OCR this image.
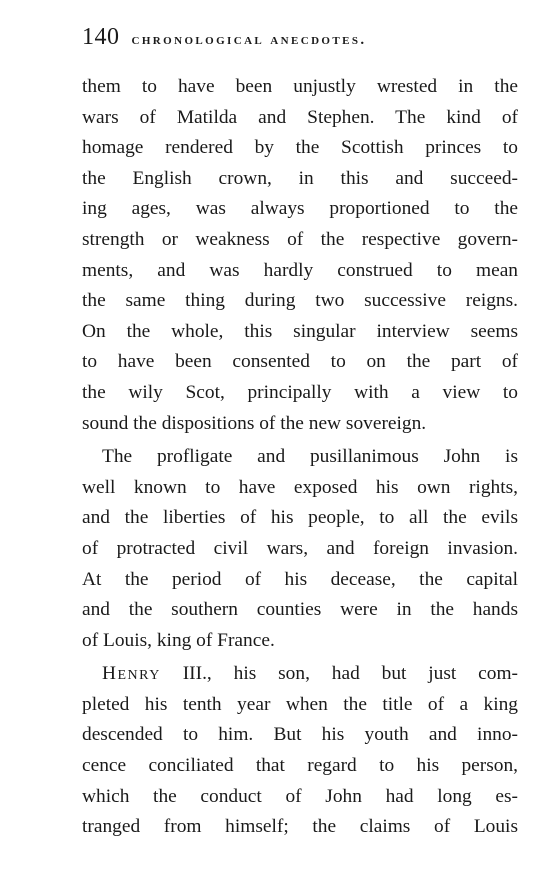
140 chronological anecdotes.
them to have been unjustly wrested in the
wars of Matilda and Stephen. The kind of
homage rendered by the Scottish princes to
the English crown, in this and succeed-
ing ages, was always proportioned to the
strength or weakness of the respective govern-
ments, and was hardly construed to mean
the same thing during two successive reigns.
On the whole, this singular interview seems
to have been consented to on the part of
the wily Scot, principally with a view to
sound the dispositions of the new sovereign.
The profligate and pusillanimous John is
well known to have exposed his own rights,
and the liberties of his people, to all the evils
of protracted civil wars, and foreign invasion.
At the period of his decease, the capital
and the southern counties were in the hands
of Louis, king of France.
Henry III., his son, had but just com-
pleted his tenth year when the title of a king
descended to him. But his youth and inno-
cence conciliated that regard to his person,
which the conduct of John had long es-
tranged from himself; the claims of Louis
